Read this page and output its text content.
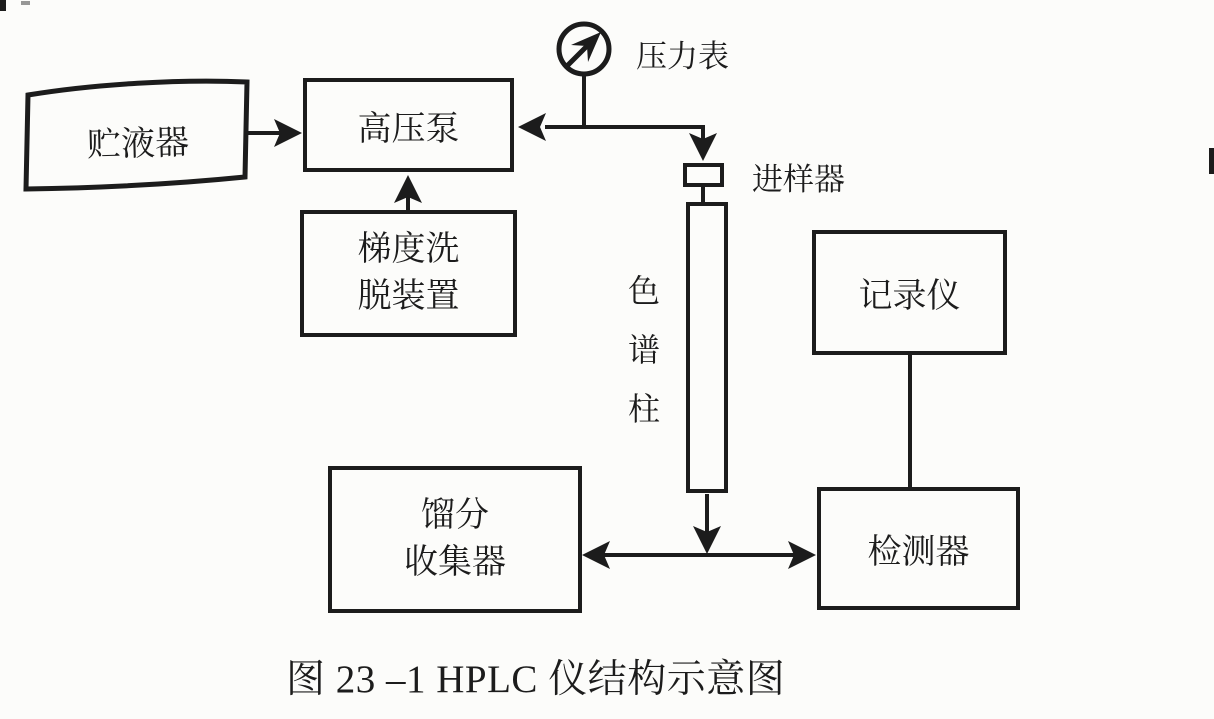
贮液器	高压泵
梯度洗
脱装置
进样器
压力表
色
谱
柱
记录仪
检测器
馏分
收集器
图 23 –1 HPLC 仪结构示意图
